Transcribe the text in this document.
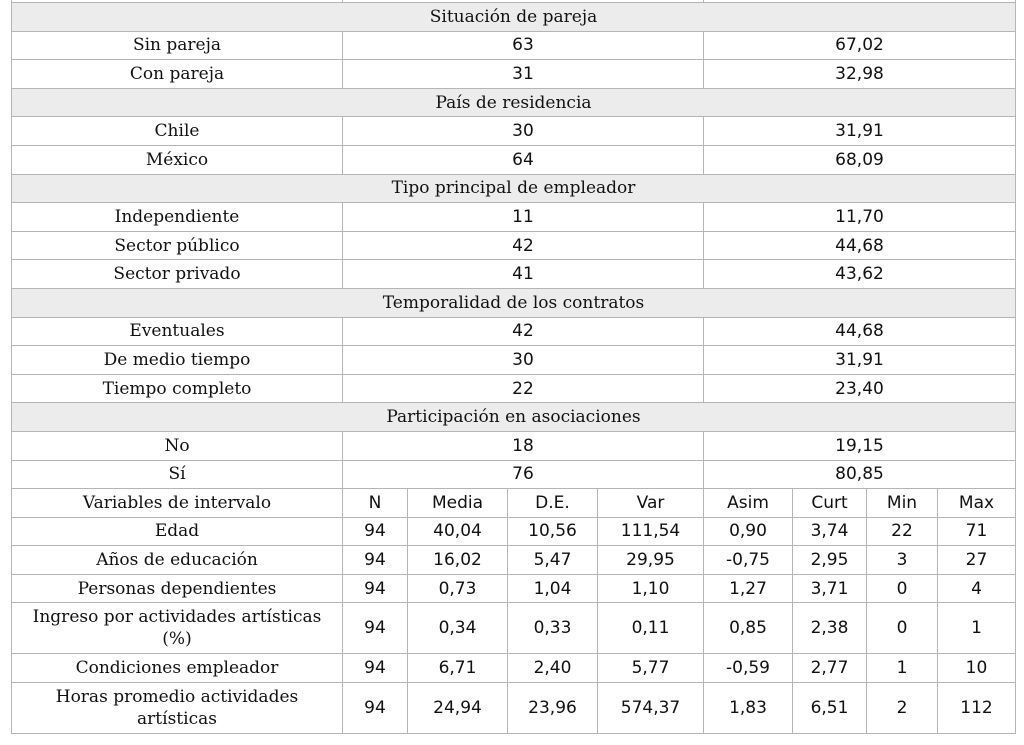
Situación de pareja								
Sin pareja	63				67,02			
Con pareja	31				32,98			
País de residencia								
Chile	30				31,91			
México	64				68,09			
Tipo principal de empleador								
Independiente	11				11,70			
Sector público	42				44,68			
Sector privado	41				43,62			
Temporalidad de los contratos								
Eventuales	42				44,68			
De medio tiempo	30				31,91			
Tiempo completo	22				23,40			
Participación en asociaciones								
No	18				19,15			
Sí	76				80,85			
Variables de intervalo	N	Media	D.E.	Var	Asim	Curt	Min	Max
Edad	94	40,04	10,56	111,54	0,90	3,74	22	71
Años de educación	94	16,02	5,47	29,95	-0,75	2,95	3	27
Personas dependientes	94	0,73	1,04	1,10	1,27	3,71	0	4
Ingreso por actividades artísticas (%)	94	0,34	0,33	0,11	0,85	2,38	0	1
Condiciones empleador	94	6,71	2,40	5,77	-0,59	2,77	1	10
Horas promedio actividades artísticas	94	24,94	23,96	574,37	1,83	6,51	2	112
